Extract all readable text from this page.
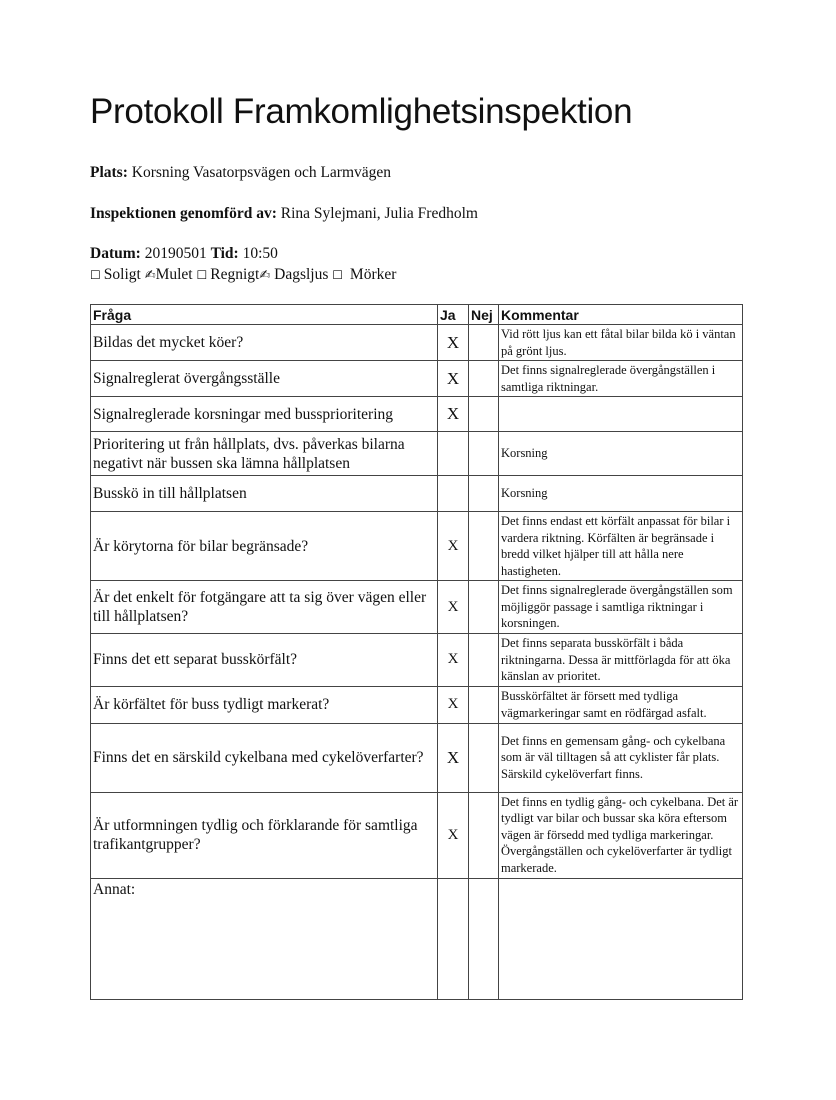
Protokoll Framkomlighetsinspektion
Plats: Korsning Vasatorpsvägen och Larmvägen
Inspektionen genomförd av: Rina Sylejmani, Julia Fredholm
Datum: 20190501 Tid: 10:50
☐ Soligt ✍Mulet ☐ Regnigt✍ Dagsljus ☐ Mörker
Fråga	Ja	Nej	Kommentar
Bildas det mycket köer?	X		Vid rött ljus kan ett fåtal bilar bilda kö i väntan på grönt ljus.
Signalreglerat övergångsställe	X		Det finns signalreglerade övergångställen i samtliga riktningar.
Signalreglerade korsningar med bussprioritering	X		
Prioritering ut från hållplats, dvs. påverkas bilarna negativt när bussen ska lämna hållplatsen			Korsning
Busskö in till hållplatsen			Korsning
Är körytorna för bilar begränsade?	X		Det finns endast ett körfält anpassat för bilar i vardera riktning. Körfälten är begränsade i bredd vilket hjälper till att hålla nere hastigheten.
Är det enkelt för fotgängare att ta sig över vägen eller till hållplatsen?	X		Det finns signalreglerade övergångställen som möjliggör passage i samtliga riktningar i korsningen.
Finns det ett separat busskörfält?	X		Det finns separata busskörfält i båda riktningarna. Dessa är mittförlagda för att öka känslan av prioritet.
Är körfältet för buss tydligt markerat?	X		Busskörfältet är försett med tydliga vägmarkeringar samt en rödfärgad asfalt.
Finns det en särskild cykelbana med cykelöverfarter?	X		Det finns en gemensam gång- och cykelbana som är väl tilltagen så att cyklister får plats. Särskild cykelöverfart finns.
Är utformningen tydlig och förklarande för samtliga trafikantgrupper?	X		Det finns en tydlig gång- och cykelbana. Det är tydligt var bilar och bussar ska köra eftersom vägen är försedd med tydliga markeringar. Övergångställen och cykelöverfarter är tydligt markerade.
Annat:			
